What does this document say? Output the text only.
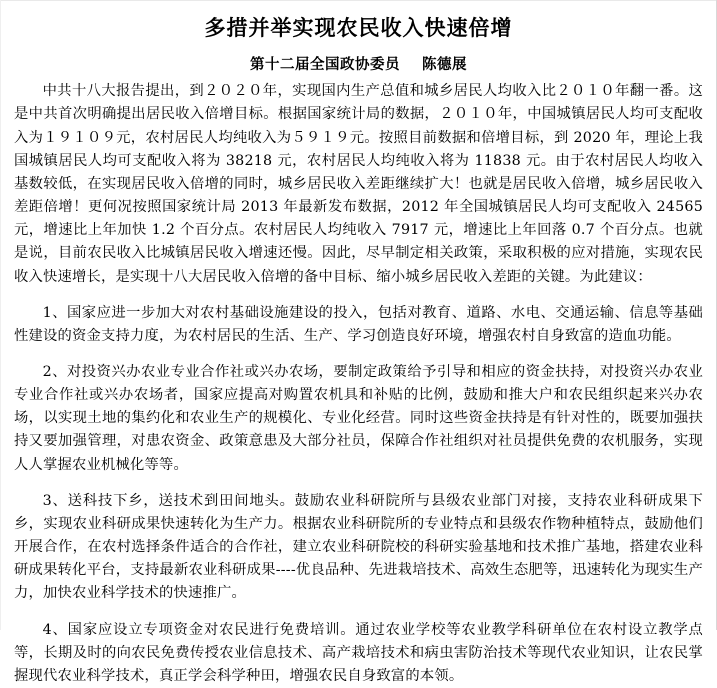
多措并举实现农民收入快速倍增
第十二届全国政协委员 陈德展

中共十八大报告提出，到２０２０年，实现国内生产总值和城乡居民人均收入比２０１０年翻一番。这是中共首次明确提出居民收入倍增目标。根据国家统计局的数据，２０１０年，中国城镇居民人均可支配收入为１９１０９元，农村居民人均纯收入为５９１９元。按照目前数据和倍增目标，到 2020 年，理论上我国城镇居民人均可支配收入将为 38218 元，农村居民人均纯收入将为 11838 元。由于农村居民人均收入基数较低，在实现居民收入倍增的同时，城乡居民收入差距继续扩大！也就是居民收入倍增，城乡居民收入差距倍增！更何况按照国家统计局 2013 年最新发布数据，2012 年全国城镇居民人均可支配收入 24565 元，增速比上年加快 1.2 个百分点。农村居民人均纯收入 7917 元，增速比上年回落 0.7 个百分点。也就是说，目前农民收入比城镇居民收入增速还慢。因此，尽早制定相关政策，采取积极的应对措施，实现农民收入快速增长，是实现十八大居民收入倍增的备中目标、缩小城乡居民收入差距的关键。为此建议：

1、国家应进一步加大对农村基础设施建设的投入，包括对教育、道路、水电、交通运输、信息等基础性建设的资金支持力度，为农村居民的生活、生产、学习创造良好环境，增强农村自身致富的造血功能。

2、对投资兴办农业专业合作社或兴办农场，要制定政策给予引导和相应的资金扶持，对投资兴办农业专业合作社或兴办农场者，国家应提高对购置农机具和补贴的比例，鼓励和推大户和农民组织起来兴办农场，以实现土地的集约化和农业生产的规模化、专业化经营。同时这些资金扶持是有针对性的，既要加强扶持又要加强管理，对患农资金、政策意患及大部分社员，保障合作社组织对社员提供免费的农机服务，实现人人掌握农业机械化等等。

3、送科技下乡，送技术到田间地头。鼓励农业科研院所与县级农业部门对接，支持农业科研成果下乡，实现农业科研成果快速转化为生产力。根据农业科研院所的专业特点和县级农作物种植特点，鼓励他们开展合作，在农村选择条件适合的合作社，建立农业科研院校的科研实验基地和技术推广基地，搭建农业科研成果转化平台，支持最新农业科研成果----优良品种、先进栽培技术、高效生态肥等，迅速转化为现实生产力，加快农业科学技术的快速推广。

4、国家应设立专项资金对农民进行免费培训。通过农业学校等农业教学科研单位在农村设立教学点等，长期及时的向农民免费传授农业信息技术、高产栽培技术和病虫害防治技术等现代农业知识，让农民掌握现代农业科学技术，真正学会科学种田，增强农民自身致富的本领。
